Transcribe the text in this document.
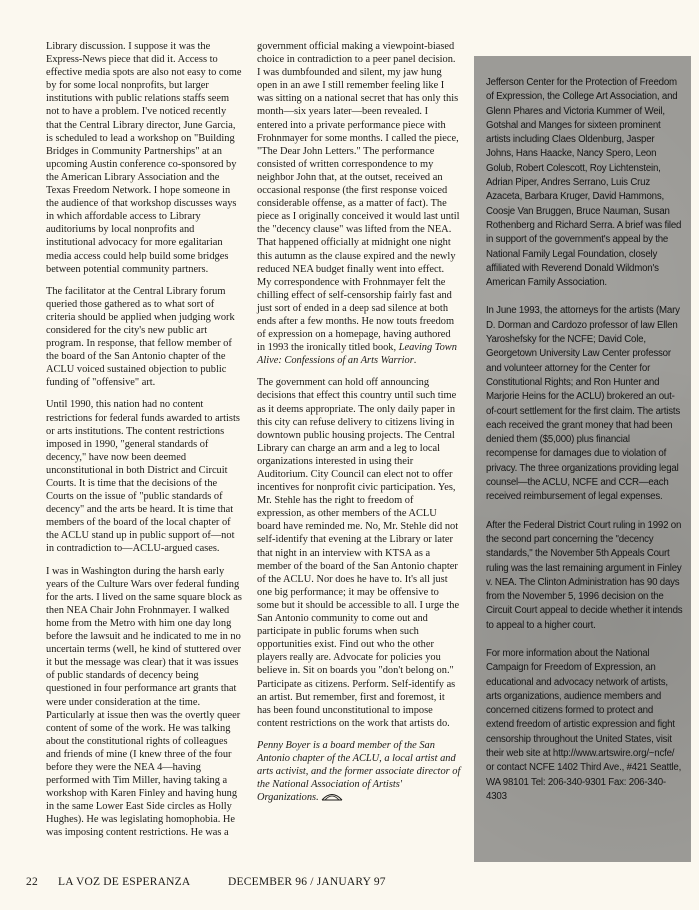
Library discussion. I suppose it was the Express-News piece that did it. Access to effective media spots are also not easy to come by for some local nonprofits, but larger institutions with public relations staffs seem not to have a problem. I've noticed recently that the Central Library director, June Garcia, is scheduled to lead a workshop on "Building Bridges in Community Partnerships" at an upcoming Austin conference co-sponsored by the American Library Association and the Texas Freedom Network. I hope someone in the audience of that workshop discusses ways in which affordable access to Library auditoriums by local nonprofits and institutional advocacy for more egalitarian media access could help build some bridges between potential community partners.

The facilitator at the Central Library forum queried those gathered as to what sort of criteria should be applied when judging work considered for the city's new public art program. In response, that fellow member of the board of the San Antonio chapter of the ACLU voiced sustained objection to public funding of "offensive" art.

Until 1990, this nation had no content restrictions for federal funds awarded to artists or arts institutions. The content restrictions imposed in 1990, "general standards of decency," have now been deemed unconstitutional in both District and Circuit Courts. It is time that the decisions of the Courts on the issue of "public standards of decency" and the arts be heard. It is time that members of the board of the local chapter of the ACLU stand up in public support of—not in contradiction to—ACLU-argued cases.

I was in Washington during the harsh early years of the Culture Wars over federal funding for the arts. I lived on the same square block as then NEA Chair John Frohnmayer. I walked home from the Metro with him one day long before the lawsuit and he indicated to me in no uncertain terms (well, he kind of stuttered over it but the message was clear) that it was issues of public standards of decency being questioned in four performance art grants that were under consideration at the time. Particularly at issue then was the overtly queer content of some of the work. He was talking about the constitutional rights of colleagues and friends of mine (I knew three of the four before they were the NEA 4—having performed with Tim Miller, having taking a workshop with Karen Finley and having hung in the same Lower East Side circles as Holly Hughes). He was legislating homophobia. He was imposing content restrictions. He was a

government official making a viewpoint-biased choice in contradiction to a peer panel decision. I was dumbfounded and silent, my jaw hung open in an awe I still remember feeling like I was sitting on a national secret that has only this month—six years later—been revealed. I entered into a private performance piece with Frohnmayer for some months. I called the piece, "The Dear John Letters." The performance consisted of written correspondence to my neighbor John that, at the outset, received an occasional response (the first response voiced considerable offense, as a matter of fact). The piece as I originally conceived it would last until the "decency clause" was lifted from the NEA. That happened officially at midnight one night this autumn as the clause expired and the newly reduced NEA budget finally went into effect. My correspondence with Frohnmayer felt the chilling effect of self-censorship fairly fast and just sort of ended in a deep sad silence at both ends after a few months. He now touts freedom of expression on a homepage, having authored in 1993 the ironically titled book, Leaving Town Alive: Confessions of an Arts Warrior.

The government can hold off announcing decisions that effect this country until such time as it deems appropriate. The only daily paper in this city can refuse delivery to citizens living in downtown public housing projects. The Central Library can charge an arm and a leg to local organizations interested in using their Auditorium. City Council can elect not to offer incentives for nonprofit civic participation. Yes, Mr. Stehle has the right to freedom of expression, as other members of the ACLU board have reminded me. No, Mr. Stehle did not self-identify that evening at the Library or later that night in an interview with KTSA as a member of the board of the San Antonio chapter of the ACLU. Nor does he have to. It's all just one big performance; it may be offensive to some but it should be accessible to all. I urge the San Antonio community to come out and participate in public forums when such opportunities exist. Find out who the other players really are. Advocate for policies you believe in. Sit on boards you "don't belong on." Participate as citizens. Perform. Self-identify as an artist. But remember, first and foremost, it has been found unconstitutional to impose content restrictions on the work that artists do.

Penny Boyer is a board member of the San Antonio chapter of the ACLU, a local artist and arts activist, and the former associate director of the National Association of Artists' Organizations.

Jefferson Center for the Protection of Freedom of Expression, the College Art Association, and Glenn Phares and Victoria Kummer of Weil, Gotshal and Manges for sixteen prominent artists including Claes Oldenburg, Jasper Johns, Hans Haacke, Nancy Spero, Leon Golub, Robert Colescott, Roy Lichtenstein, Adrian Piper, Andres Serrano, Luis Cruz Azaceta, Barbara Kruger, David Hammons, Coosje Van Bruggen, Bruce Nauman, Susan Rothenberg and Richard Serra. A brief was filed in support of the government's appeal by the National Family Legal Foundation, closely affiliated with Reverend Donald Wildmon's American Family Association.

In June 1993, the attorneys for the artists (Mary D. Dorman and Cardozo professor of law Ellen Yaroshefsky for the NCFE; David Cole, Georgetown University Law Center professor and volunteer attorney for the Center for Constitutional Rights; and Ron Hunter and Marjorie Heins for the ACLU) brokered an out-of-court settlement for the first claim. The artists each received the grant money that had been denied them ($5,000) plus financial recompense for damages due to violation of privacy. The three organizations providing legal counsel—the ACLU, NCFE and CCR—each received reimbursement of legal expenses.

After the Federal District Court ruling in 1992 on the second part concerning the "decency standards," the November 5th Appeals Court ruling was the last remaining argument in Finley v. NEA. The Clinton Administration has 90 days from the November 5, 1996 decision on the Circuit Court appeal to decide whether it intends to appeal to a higher court.

For more information about the National Campaign for Freedom of Expression, an educational and advocacy network of artists, arts organizations, audience members and concerned citizens formed to protect and extend freedom of artistic expression and fight censorship throughout the United States, visit their web site at http://www.artswire.org/~ncfe/ or contact NCFE 1402 Third Ave., #421 Seattle, WA 98101 Tel: 206-340-9301 Fax: 206-340-4303

22 LA VOZ DE ESPERANZA	DECEMBER 96 / JANUARY 97
